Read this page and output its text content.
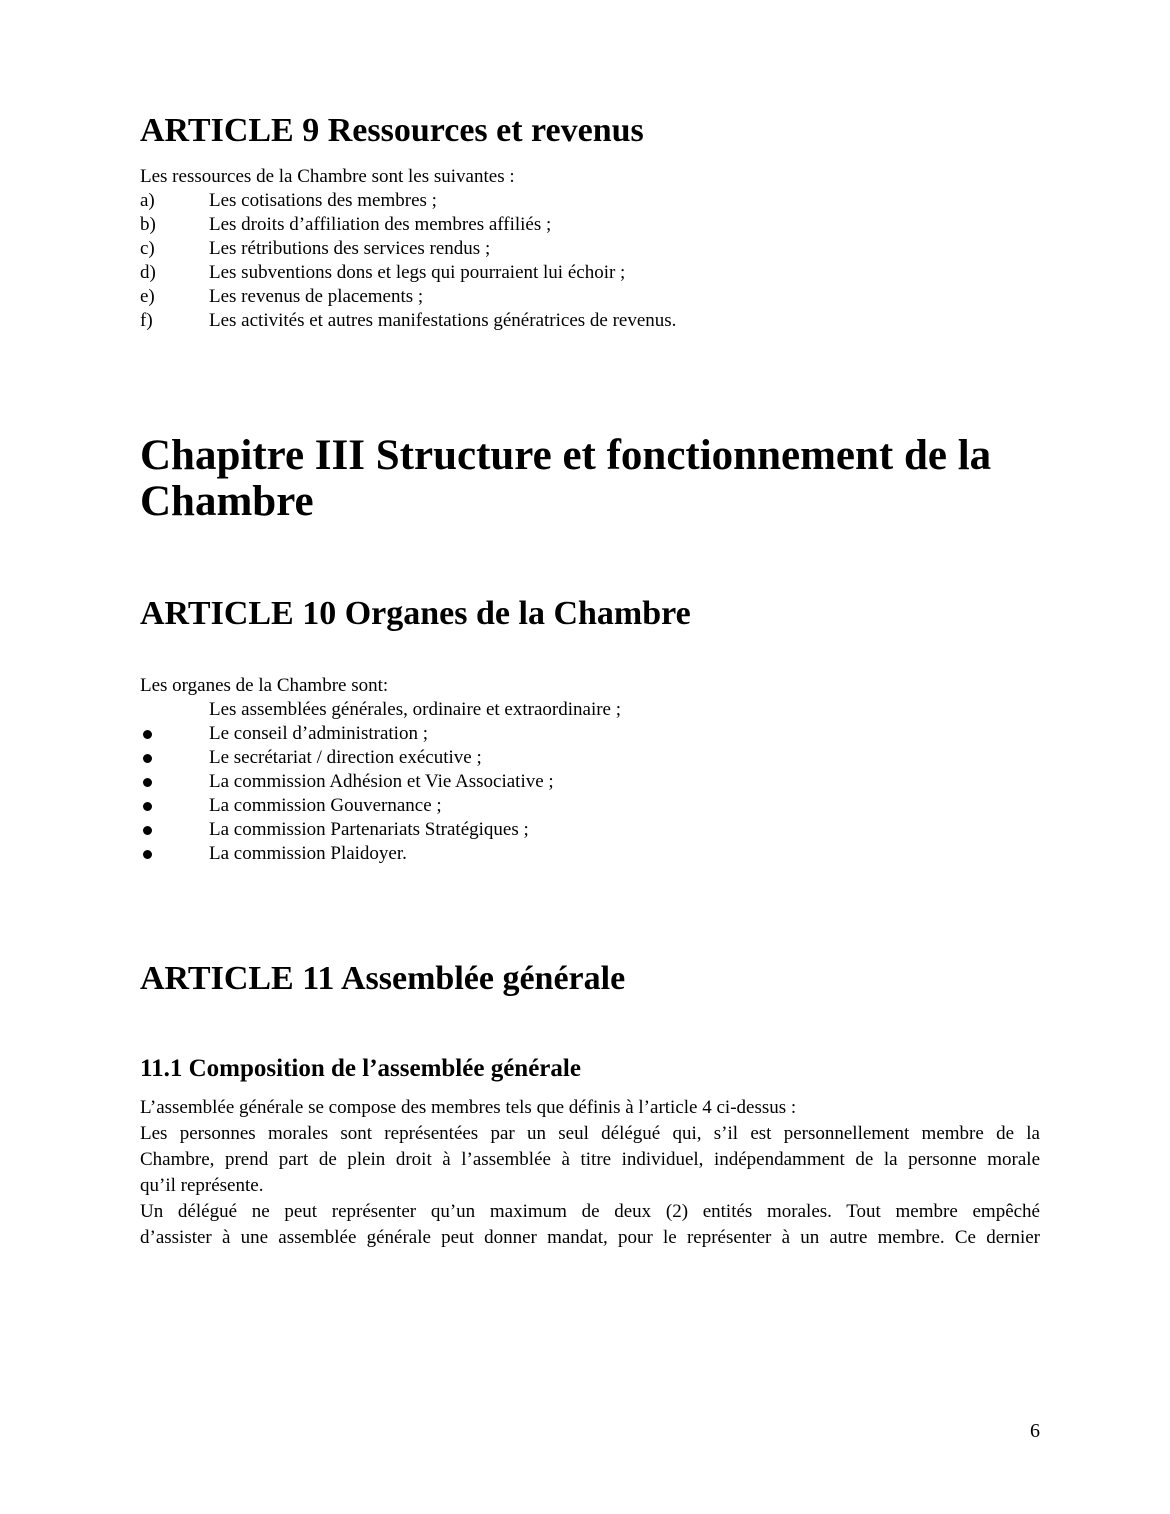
ARTICLE 9 Ressources et revenus
Les ressources de la Chambre sont les suivantes :
a)	Les cotisations des membres ;
b)	Les droits d’affiliation des membres affiliés ;
c)	Les rétributions des services rendus ;
d)	Les subventions dons et legs qui pourraient lui échoir ;
e)	Les revenus de placements ;
f)	Les activités et autres manifestations génératrices de revenus.
Chapitre III Structure et fonctionnement de la Chambre
ARTICLE 10 Organes de la Chambre
Les organes de la Chambre sont:
Les assemblées générales, ordinaire et extraordinaire ;
Le conseil d’administration ;
Le secrétariat / direction exécutive ;
La commission Adhésion et Vie Associative ;
La commission Gouvernance ;
La commission Partenariats Stratégiques ;
La commission Plaidoyer.
ARTICLE 11 Assemblée générale
11.1 Composition de l’assemblée générale
L’assemblée générale se compose des membres tels que définis à l’article 4 ci-dessus :
Les personnes morales sont représentées par un seul délégué qui, s’il est personnellement membre de la
Chambre, prend part de plein droit à l’assemblée à titre individuel, indépendamment de la personne morale
qu’il représente.
Un délégué ne peut représenter qu’un maximum de deux (2) entités morales. Tout membre empêché
d’assister à une assemblée générale peut donner mandat, pour le représenter à un autre membre. Ce dernier
6
